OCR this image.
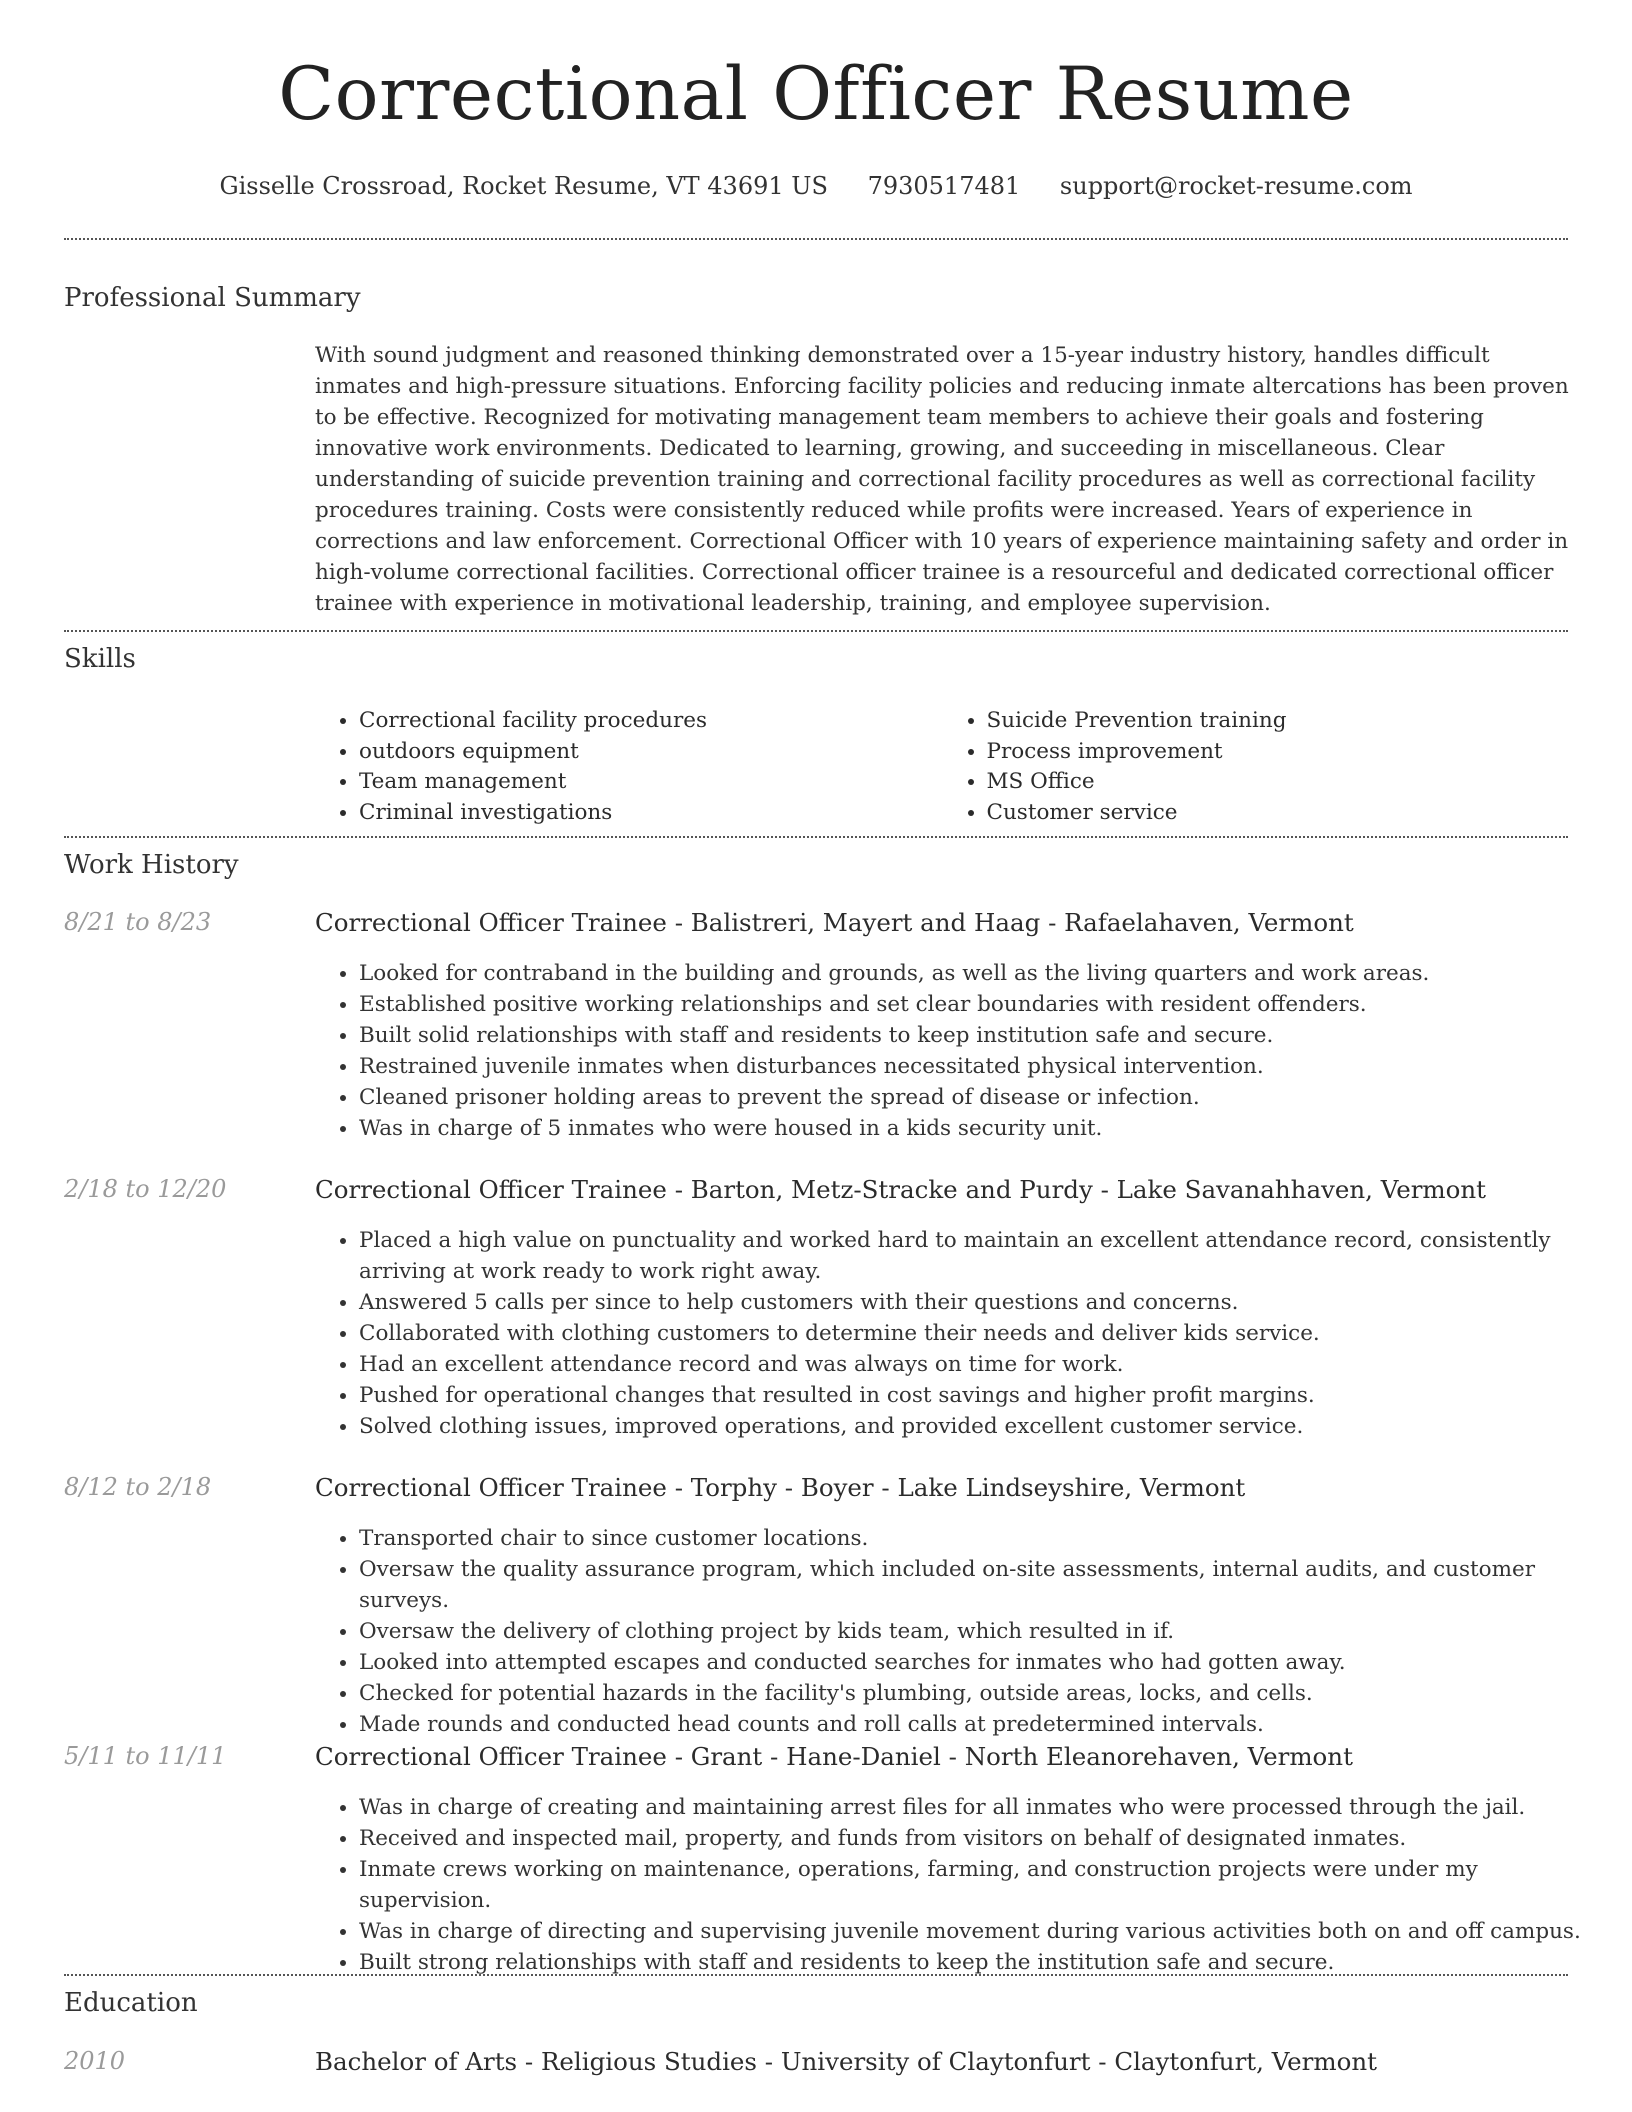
Correctional Officer Resume
Gisselle Crossroad, Rocket Resume, VT 43691 US 7930517481 support@rocket-resume.com
Professional Summary

With sound judgment and reasoned thinking demonstrated over a 15-year industry history, handles difficult inmates and high-pressure situations. Enforcing facility policies and reducing inmate altercations has been proven to be effective. Recognized for motivating management team members to achieve their goals and fostering innovative work environments. Dedicated to learning, growing, and succeeding in miscellaneous. Clear understanding of suicide prevention training and correctional facility procedures as well as correctional facility procedures training. Costs were consistently reduced while profits were increased. Years of experience in corrections and law enforcement. Correctional Officer with 10 years of experience maintaining safety and order in high-volume correctional facilities. Correctional officer trainee is a resourceful and dedicated correctional officer trainee with experience in motivational leadership, training, and employee supervision.

Skills
• Correctional facility procedures
• outdoors equipment
• Team management
• Criminal investigations
• Suicide Prevention training
• Process improvement
• MS Office
• Customer service
Work History
8/21 to 8/23	Correctional Officer Trainee - Balistreri, Mayert and Haag - Rafaelahaven, Vermont
• Looked for contraband in the building and grounds, as well as the living quarters and work areas.
• Established positive working relationships and set clear boundaries with resident offenders.
• Built solid relationships with staff and residents to keep institution safe and secure.
• Restrained juvenile inmates when disturbances necessitated physical intervention.
• Cleaned prisoner holding areas to prevent the spread of disease or infection.
• Was in charge of 5 inmates who were housed in a kids security unit.
2/18 to 12/20	Correctional Officer Trainee - Barton, Metz-Stracke and Purdy - Lake Savanahhaven, Vermont
• Placed a high value on punctuality and worked hard to maintain an excellent attendance record, consistently arriving at work ready to work right away.
• Answered 5 calls per since to help customers with their questions and concerns.
• Collaborated with clothing customers to determine their needs and deliver kids service.
• Had an excellent attendance record and was always on time for work.
• Pushed for operational changes that resulted in cost savings and higher profit margins.
• Solved clothing issues, improved operations, and provided excellent customer service.
8/12 to 2/18	Correctional Officer Trainee - Torphy - Boyer - Lake Lindseyshire, Vermont
• Transported chair to since customer locations.
• Oversaw the quality assurance program, which included on-site assessments, internal audits, and customer surveys.
• Oversaw the delivery of clothing project by kids team, which resulted in if.
• Looked into attempted escapes and conducted searches for inmates who had gotten away.
• Checked for potential hazards in the facility's plumbing, outside areas, locks, and cells.
• Made rounds and conducted head counts and roll calls at predetermined intervals.
5/11 to 11/11	Correctional Officer Trainee - Grant - Hane-Daniel - North Eleanorehaven, Vermont
• Was in charge of creating and maintaining arrest files for all inmates who were processed through the jail.
• Received and inspected mail, property, and funds from visitors on behalf of designated inmates.
• Inmate crews working on maintenance, operations, farming, and construction projects were under my supervision.
• Was in charge of directing and supervising juvenile movement during various activities both on and off campus.
• Built strong relationships with staff and residents to keep the institution safe and secure.
Education
2010	Bachelor of Arts - Religious Studies - University of Claytonfurt - Claytonfurt, Vermont
